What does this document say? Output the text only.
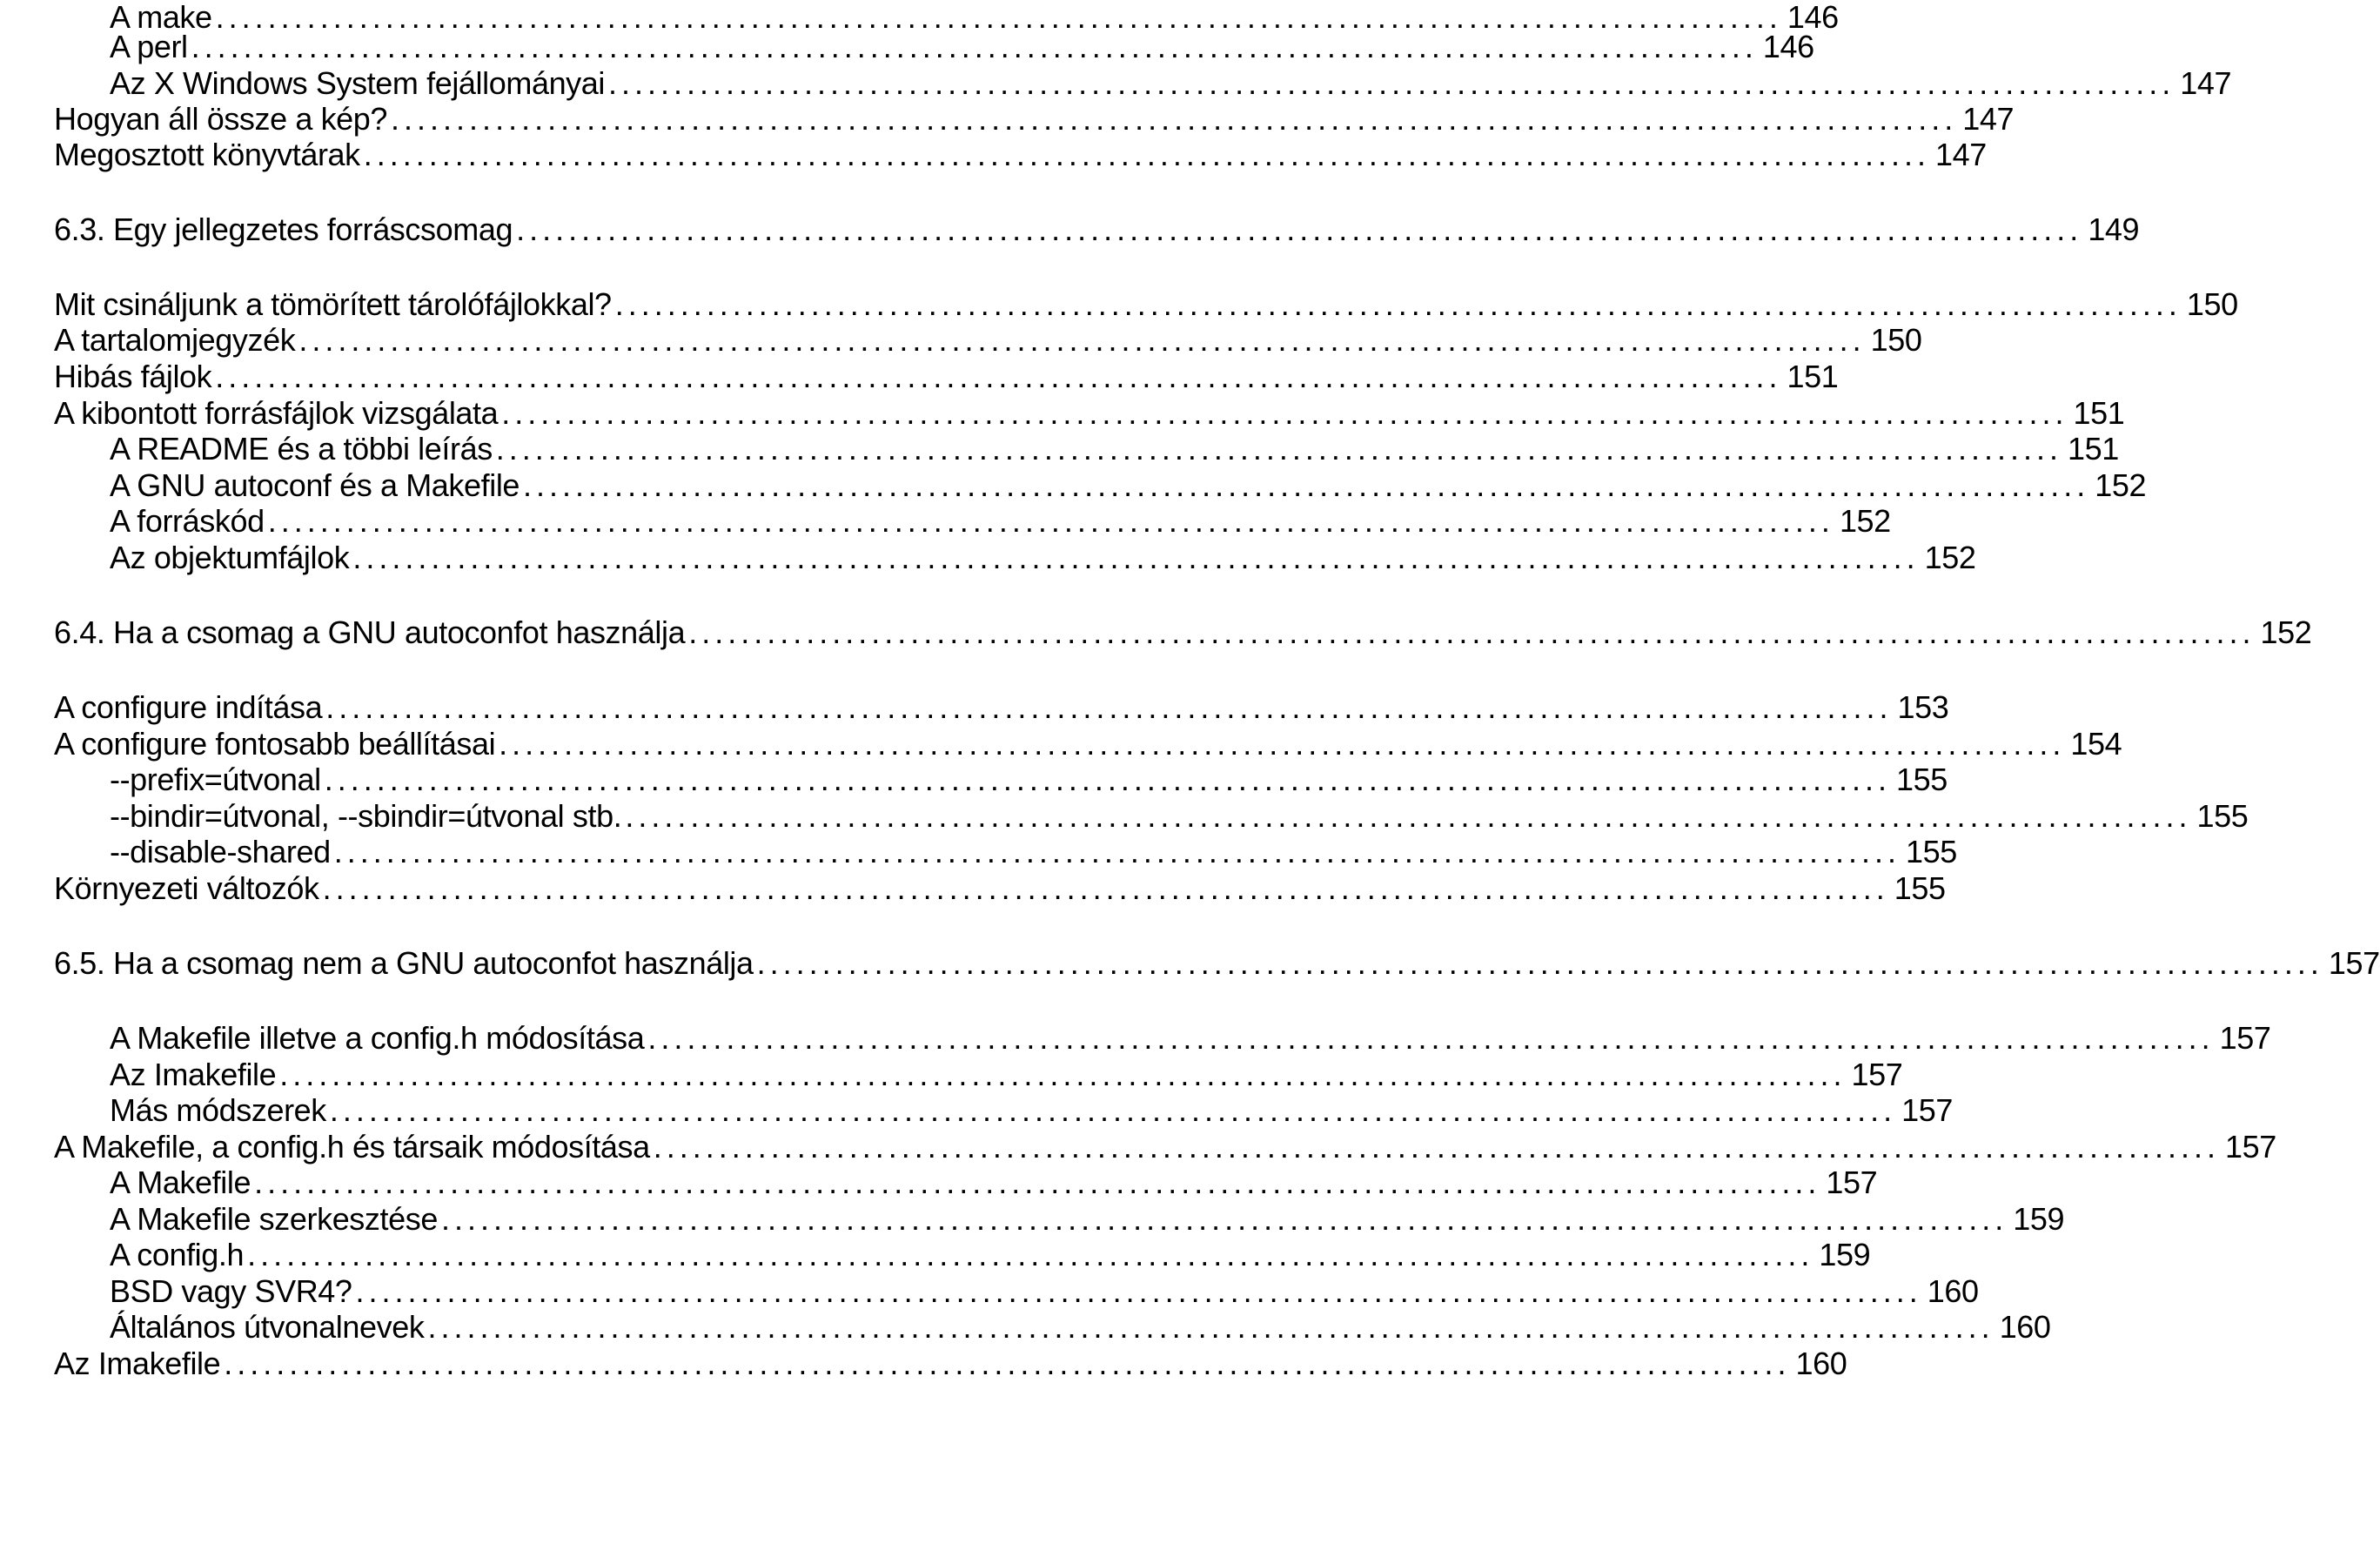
A make ........................................................................................................................ 146
A perl ........................................................................................................................ 146
Az X Windows System fejállományai ........................................................................................................................ 147
Hogyan áll össze a kép? ........................................................................................................................ 147
Megosztott könyvtárak ........................................................................................................................ 147
6.3. Egy jellegzetes forráscsomag ........................................................................................................................ 149
Mit csináljunk a tömörített tárolófájlokkal? ........................................................................................................................ 150
A tartalomjegyzék ........................................................................................................................ 150
Hibás fájlok ........................................................................................................................ 151
A kibontott forrásfájlok vizsgálata ........................................................................................................................ 151
A README és a többi leírás ........................................................................................................................ 151
A GNU autoconf és a Makefile ........................................................................................................................ 152
A forráskód ........................................................................................................................ 152
Az objektumfájlok ........................................................................................................................ 152
6.4. Ha a csomag a GNU autoconfot használja ........................................................................................................................ 152
A configure indítása ........................................................................................................................ 153
A configure fontosabb beállításai ........................................................................................................................ 154
--prefix=útvonal ........................................................................................................................ 155
--bindir=útvonal, --sbindir=útvonal stb. ........................................................................................................................ 155
--disable-shared ........................................................................................................................ 155
Környezeti változók ........................................................................................................................ 155
6.5. Ha a csomag nem a GNU autoconfot használja ........................................................................................................................ 157
A Makefile illetve a config.h módosítása ........................................................................................................................ 157
Az Imakefile ........................................................................................................................ 157
Más módszerek ........................................................................................................................ 157
A Makefile, a config.h és társaik módosítása ........................................................................................................................ 157
A Makefile ........................................................................................................................ 157
A Makefile szerkesztése ........................................................................................................................ 159
A config.h ........................................................................................................................ 159
BSD vagy SVR4? ........................................................................................................................ 160
Általános útvonalnevek ........................................................................................................................ 160
Az Imakefile ........................................................................................................................ 160
